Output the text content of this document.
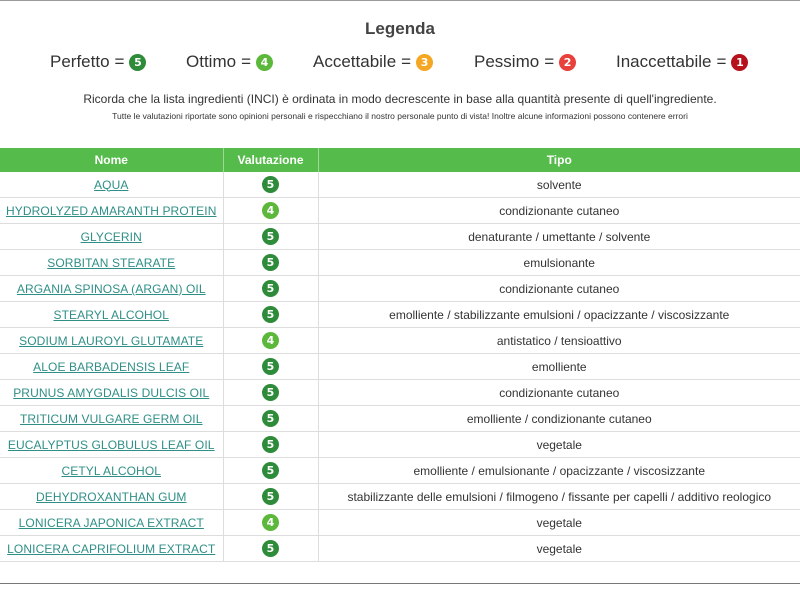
Legenda
Perfetto = 5	Ottimo = 4	Accettabile = 3	Pessimo = 2	Inaccettabile = 1
Ricorda che la lista ingredienti (INCI) è ordinata in modo decrescente in base alla quantità presente di quell'ingrediente.
Tutte le valutazioni riportate sono opinioni personali e rispecchiano il nostro personale punto di vista! Inoltre alcune informazioni possono contenere errori
Nome	Valutazione	Tipo
AQUA	5	solvente
HYDROLYZED AMARANTH PROTEIN	4	condizionante cutaneo
GLYCERIN	5	denaturante / umettante / solvente
SORBITAN STEARATE	5	emulsionante
ARGANIA SPINOSA (ARGAN) OIL	5	condizionante cutaneo
STEARYL ALCOHOL	5	emolliente / stabilizzante emulsioni / opacizzante / viscosizzante
SODIUM LAUROYL GLUTAMATE	4	antistatico / tensioattivo
ALOE BARBADENSIS LEAF	5	emolliente
PRUNUS AMYGDALIS DULCIS OIL	5	condizionante cutaneo
TRITICUM VULGARE GERM OIL	5	emolliente / condizionante cutaneo
EUCALYPTUS GLOBULUS LEAF OIL	5	vegetale
CETYL ALCOHOL	5	emolliente / emulsionante / opacizzante / viscosizzante
DEHYDROXANTHAN GUM	5	stabilizzante delle emulsioni / filmogeno / fissante per capelli / additivo reologico
LONICERA JAPONICA EXTRACT	4	vegetale
LONICERA CAPRIFOLIUM EXTRACT	5	vegetale
